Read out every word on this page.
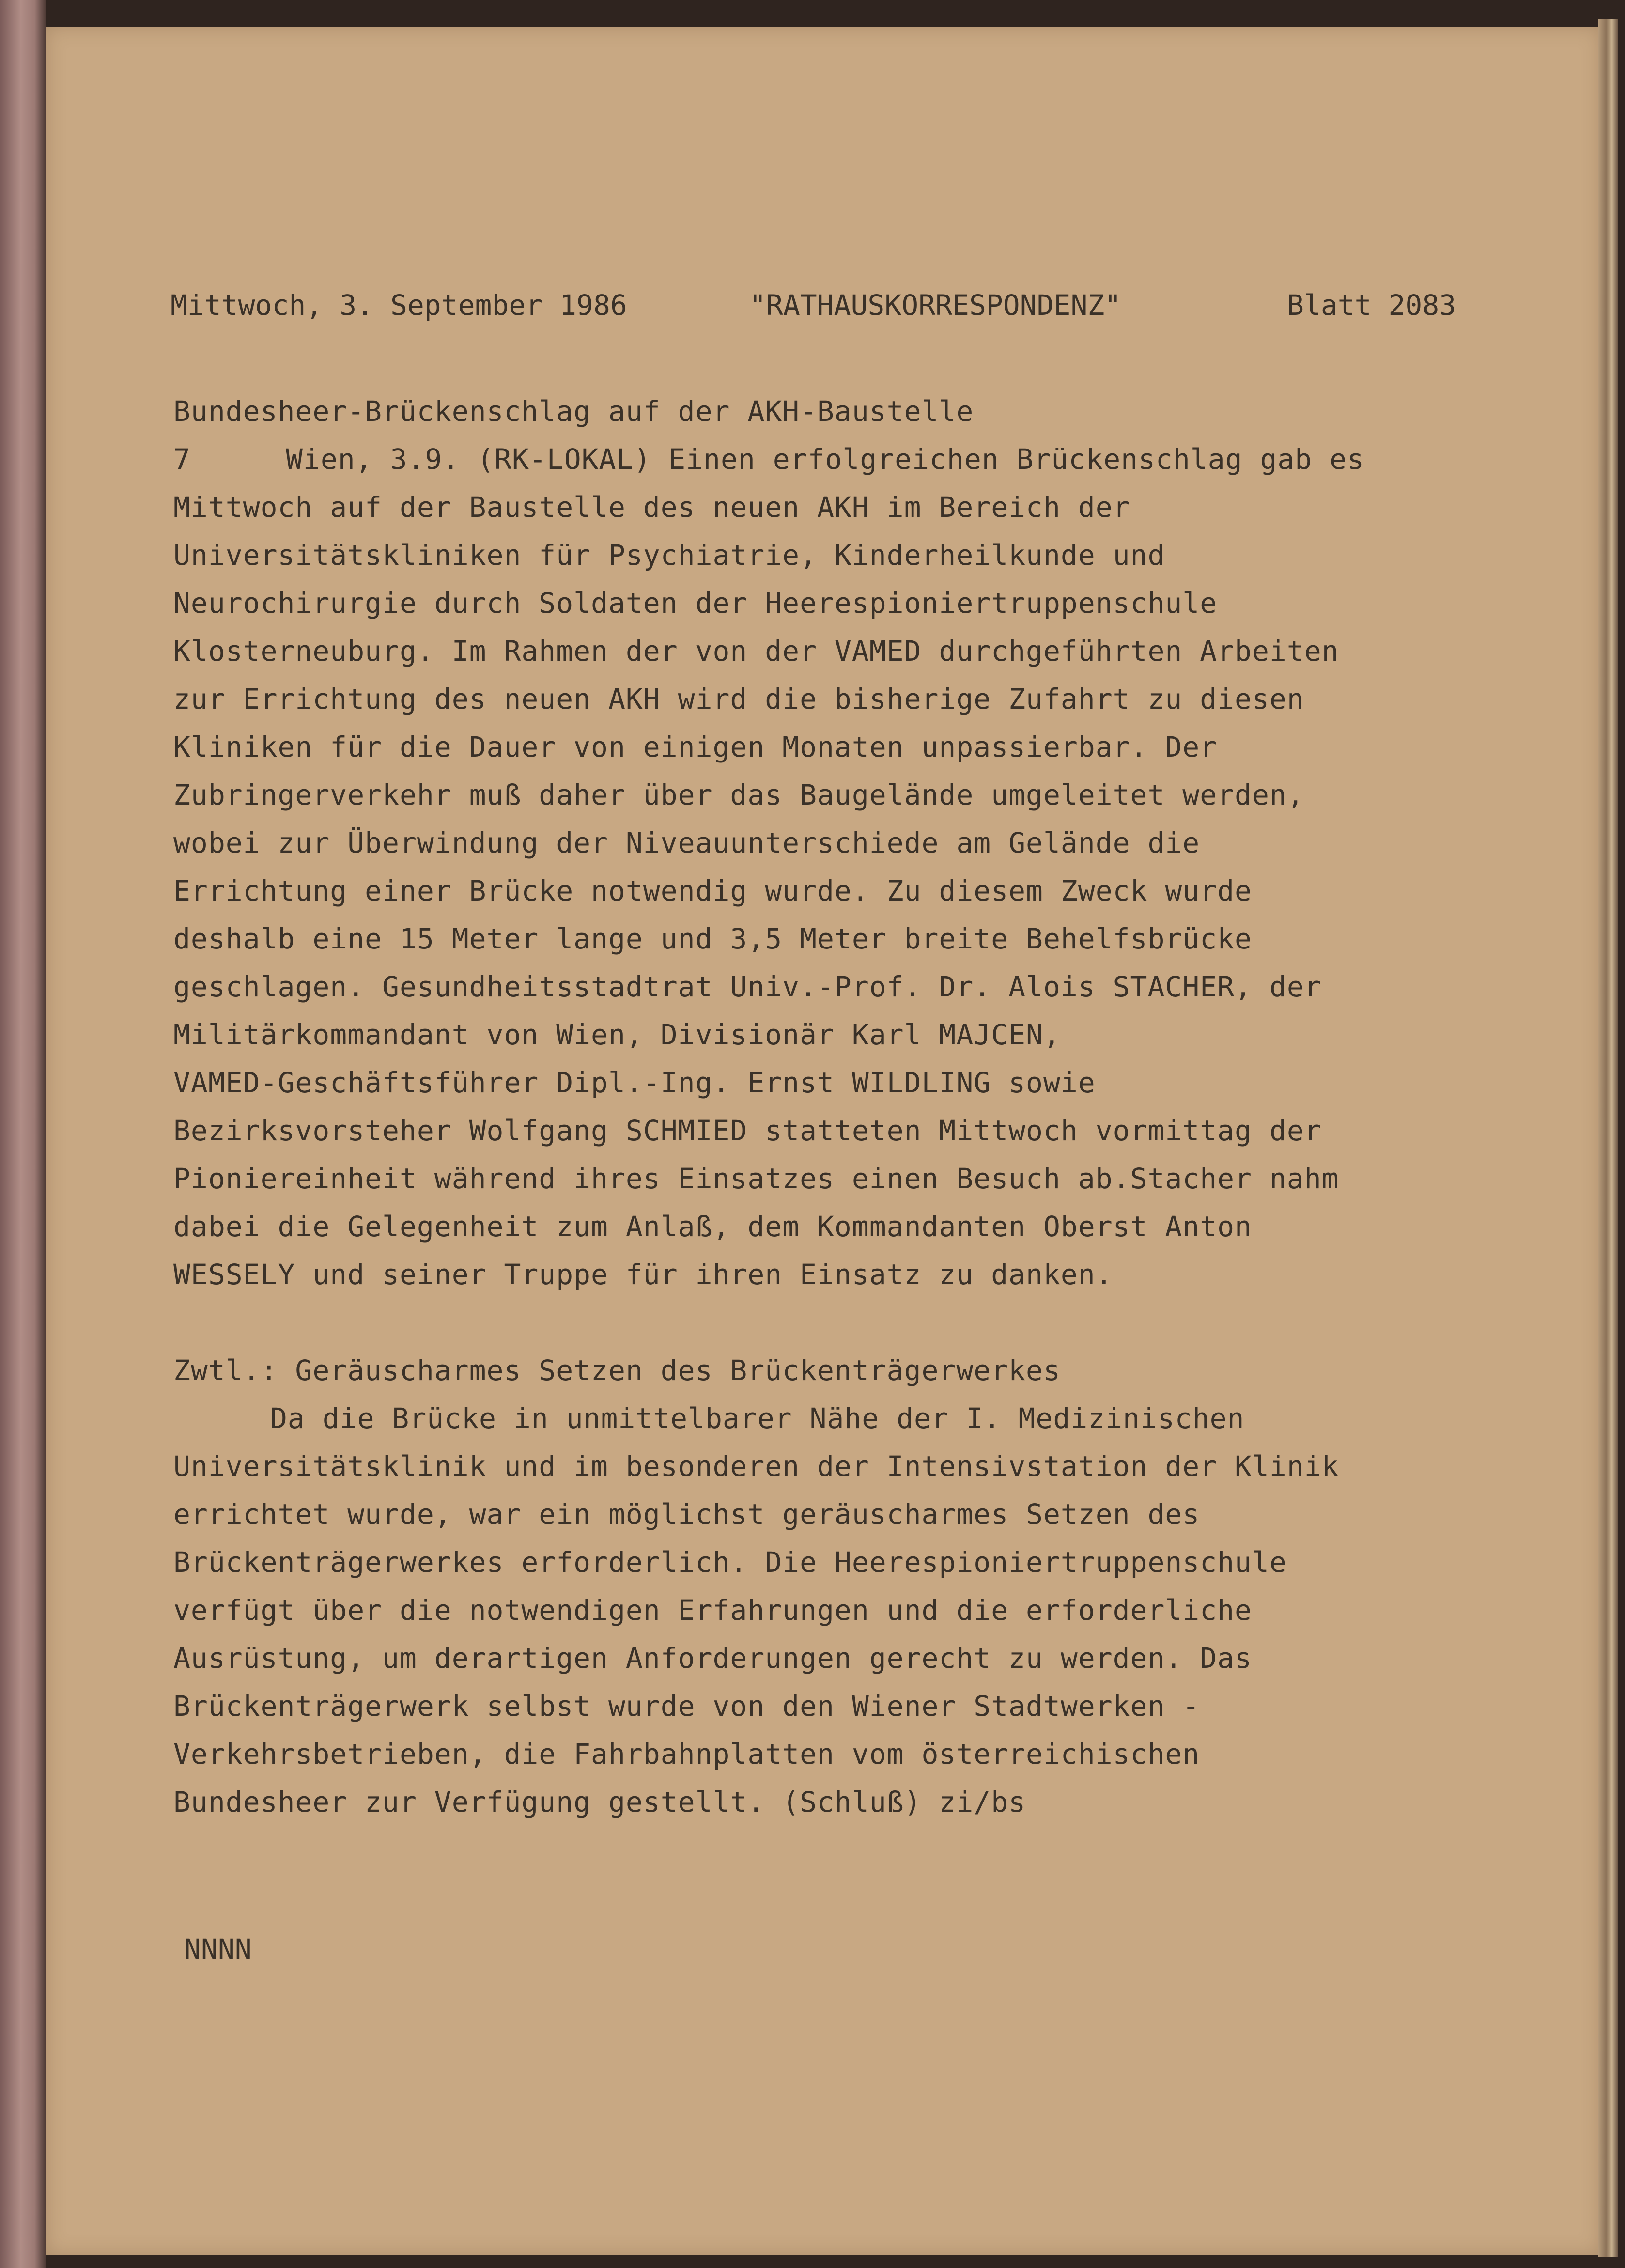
Mittwoch, 3. September 1986

	"RATHAUSKORRESPONDENZ"

	Blatt 2083

Bundesheer-Brückenschlag auf der AKH-Baustelle
7	Wien, 3.9. (RK-LOKAL) Einen erfolgreichen Brückenschlag gab es
Mittwoch auf der Baustelle des neuen AKH im Bereich der
Universitätskliniken für Psychiatrie, Kinderheilkunde und
Neurochirurgie durch Soldaten der Heerespioniertruppenschule
Klosterneuburg. Im Rahmen der von der VAMED durchgeführten Arbeiten
zur Errichtung des neuen AKH wird die bisherige Zufahrt zu diesen
Kliniken für die Dauer von einigen Monaten unpassierbar. Der
Zubringerverkehr muß daher über das Baugelände umgeleitet werden,
wobei zur Überwindung der Niveauunterschiede am Gelände die
Errichtung einer Brücke notwendig wurde. Zu diesem Zweck wurde
deshalb eine 15 Meter lange und 3,5 Meter breite Behelfsbrücke
geschlagen. Gesundheitsstadtrat Univ.-Prof. Dr. Alois STACHER, der
Militärkommandant von Wien, Divisionär Karl MAJCEN,
VAMED-Geschäftsführer Dipl.-Ing. Ernst WILDLING sowie
Bezirksvorsteher Wolfgang SCHMIED statteten Mittwoch vormittag der
Pioniereinheit während ihres Einsatzes einen Besuch ab.Stacher nahm
dabei die Gelegenheit zum Anlaß, dem Kommandanten Oberst Anton
WESSELY und seiner Truppe für ihren Einsatz zu danken.
Zwtl.: Geräuscharmes Setzen des Brückenträgerwerkes
Da die Brücke in unmittelbarer Nähe der I. Medizinischen
Universitätsklinik und im besonderen der Intensivstation der Klinik
errichtet wurde, war ein möglichst geräuscharmes Setzen des
Brückenträgerwerkes erforderlich. Die Heerespioniertruppenschule
verfügt über die notwendigen Erfahrungen und die erforderliche
Ausrüstung, um derartigen Anforderungen gerecht zu werden. Das
Brückenträgerwerk selbst wurde von den Wiener Stadtwerken -
Verkehrsbetrieben, die Fahrbahnplatten vom österreichischen
Bundesheer zur Verfügung gestellt. (Schluß) zi/bs
NNNN
